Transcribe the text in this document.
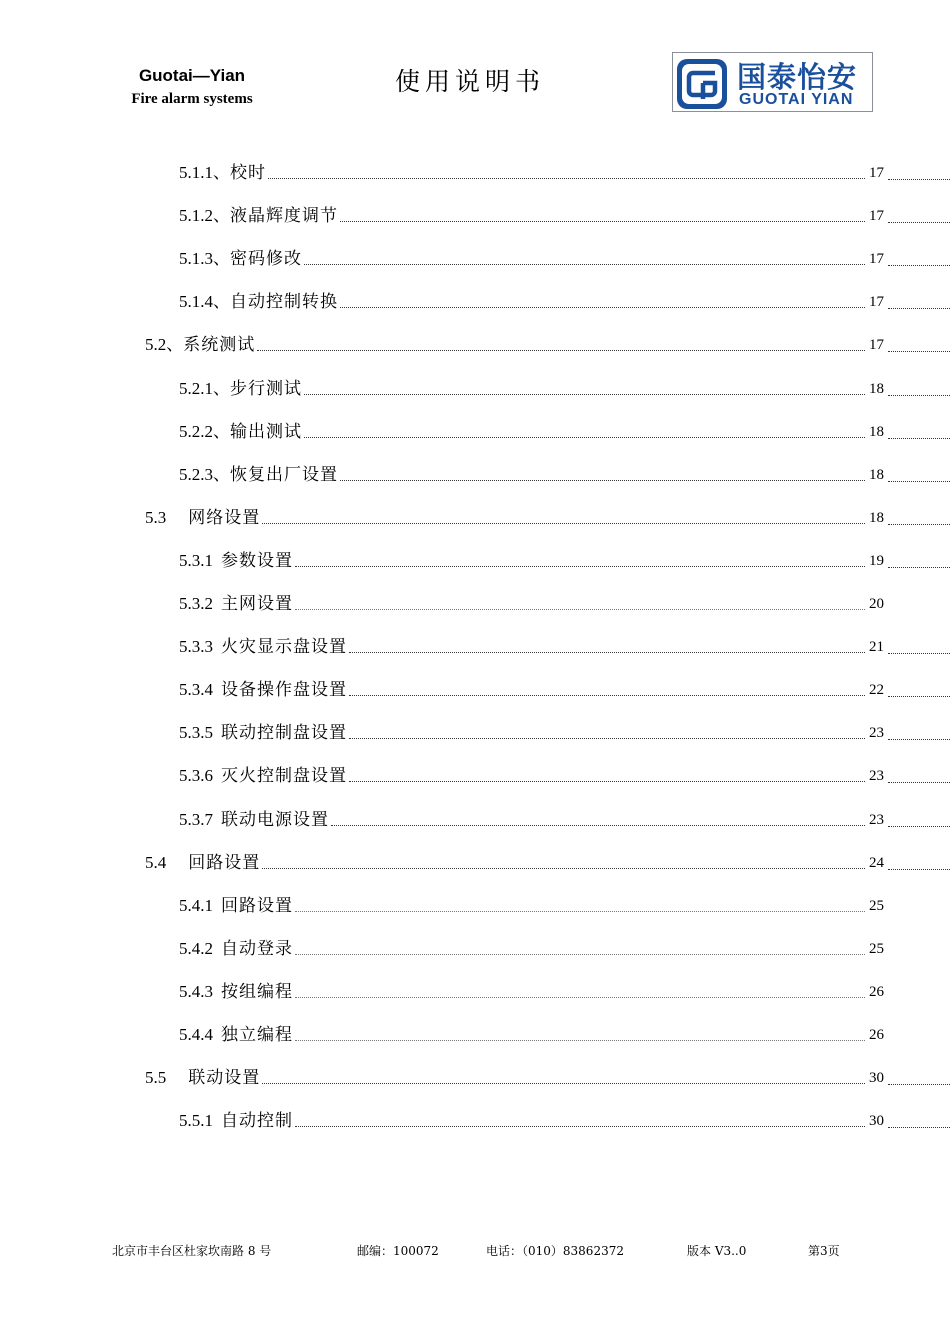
Guotai—Yian
Fire alarm systems
使用说明书	国泰怡安
GUOTAI YIAN
5.1.1 、 校时	17
5.1.2 、 液晶辉度调节	17
5.1.3 、 密码修改	17
5.1.4 、 自动控制转换	17
5.2 、 系统测试	17
5.2.1 、 步行测试	18
5.2.2 、 输出测试	18
5.2.3 、 恢复出厂设置	18
5.3 网络设置	18
5.3.1 参数设置	19
5.3.2 主网设置	20
5.3.3 火灾显示盘设置	21
5.3.4 设备操作盘设置	22
5.3.5 联动控制盘设置	23
5.3.6 灭火控制盘设置	23
5.3.7 联动电源设置	23
5.4 回路设置	24
5.4.1 回路设置	25
5.4.2 自动登录	25
5.4.3 按组编程	26
5.4.4 独立编程	26
5.5 联动设置	30
5.5.1 自动控制	30
北京市丰台区杜家坎南路 8 号	邮编：100072	电话：（010）83862372	版本 V3..0	第3页
